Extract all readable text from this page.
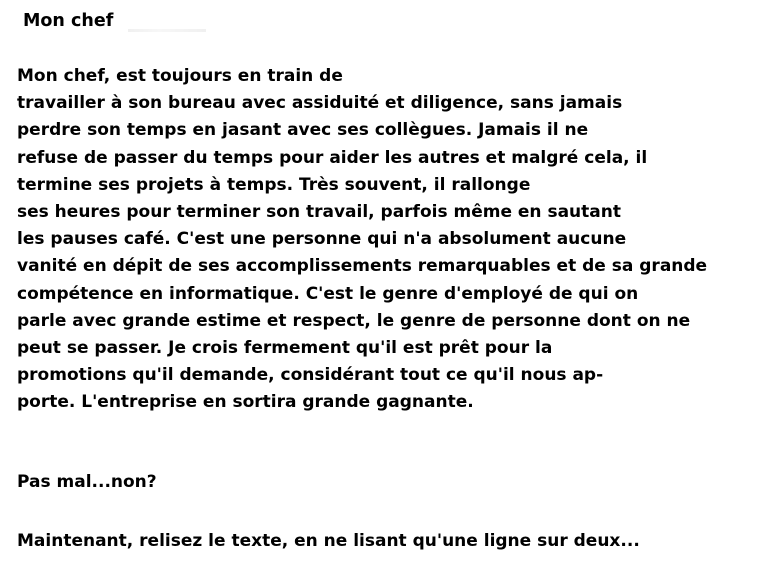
Mon chef
Mon chef, est toujours en train de
travailler à son bureau avec assiduité et diligence, sans jamais
perdre son temps en jasant avec ses collègues. Jamais il ne
refuse de passer du temps pour aider les autres et malgré cela, il
termine ses projets à temps. Très souvent, il rallonge
ses heures pour terminer son travail, parfois même en sautant
les pauses café. C'est une personne qui n'a absolument aucune
vanité en dépit de ses accomplissements remarquables et de sa grande
compétence en informatique. C'est le genre d'employé de qui on
parle avec grande estime et respect, le genre de personne dont on ne
peut se passer. Je crois fermement qu'il est prêt pour la
promotions qu'il demande, considérant tout ce qu'il nous ap-
porte. L'entreprise en sortira grande gagnante.
Pas mal...non?
Maintenant, relisez le texte, en ne lisant qu'une ligne sur deux...
